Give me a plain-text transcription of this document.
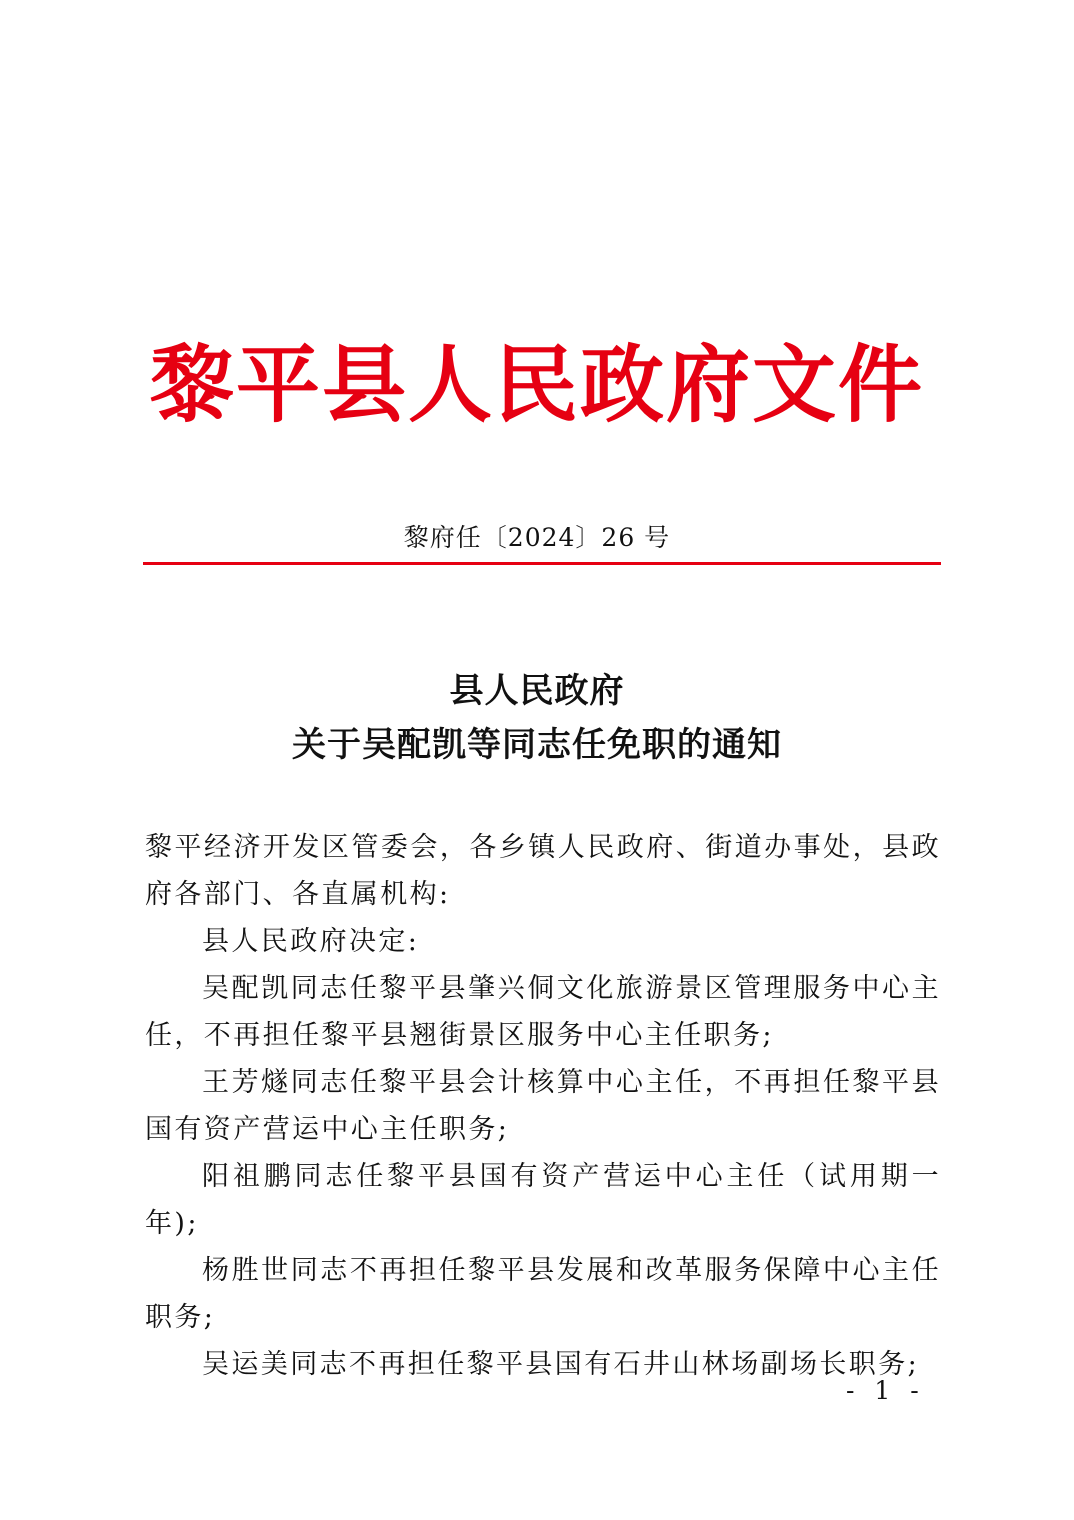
黎平县人民政府文件
黎府任〔2024〕26 号
县人民政府
关于吴配凯等同志任免职的通知

黎平经济开发区管委会，各乡镇人民政府、街道办事处，县政府各部门、各直属机构:

县人民政府决定:

吴配凯同志任黎平县肇兴侗文化旅游景区管理服务中心主任，不再担任黎平县翘街景区服务中心主任职务;

王芳燧同志任黎平县会计核算中心主任，不再担任黎平县国有资产营运中心主任职务;

阳祖鹏同志任黎平县国有资产营运中心主任（试用期一年);

杨胜世同志不再担任黎平县发展和改革服务保障中心主任职务;

吴运美同志不再担任黎平县国有石井山林场副场长职务;

- 1 -
